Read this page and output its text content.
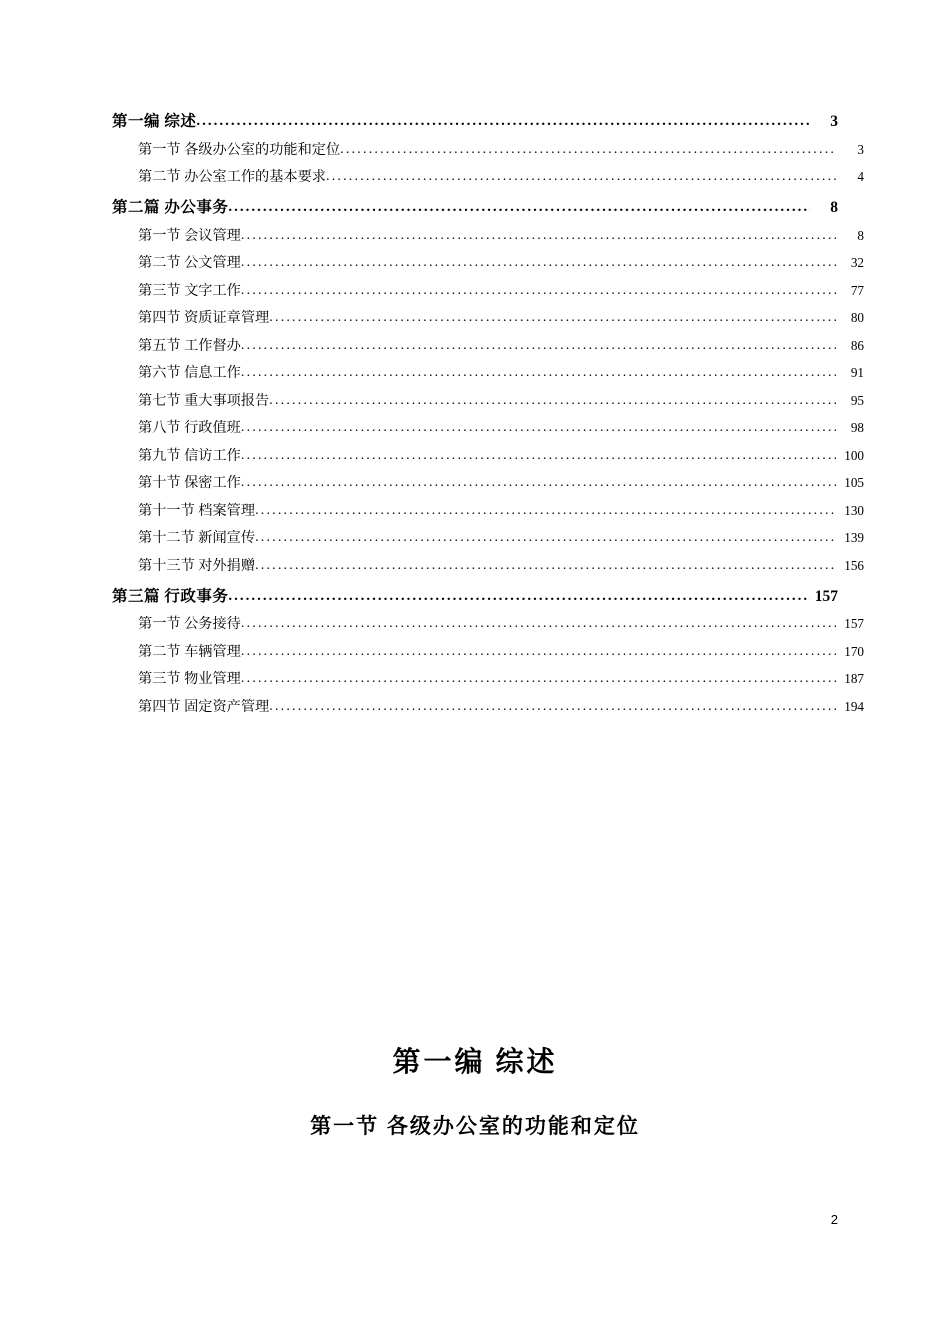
第一编 综述 .....	3
第一节 各级办公室的功能和定位 .....	3
第二节 办公室工作的基本要求 .....	4
第二篇 办公事务 .....	8
第一节 会议管理 .....	8
第二节 公文管理 .....	32
第三节 文字工作 .....	77
第四节 资质证章管理 .....	80
第五节 工作督办 .....	86
第六节 信息工作 .....	91
第七节 重大事项报告 .....	95
第八节 行政值班 .....	98
第九节 信访工作 .....	100
第十节 保密工作 .....	105
第十一节 档案管理 .....	130
第十二节 新闻宣传 .....	139
第十三节 对外捐赠 .....	156
第三篇 行政事务 .....	157
第一节 公务接待 .....	157
第二节 车辆管理 .....	170
第三节 物业管理 .....	187
第四节 固定资产管理 .....	194
第一编 综述
第一节 各级办公室的功能和定位
2
